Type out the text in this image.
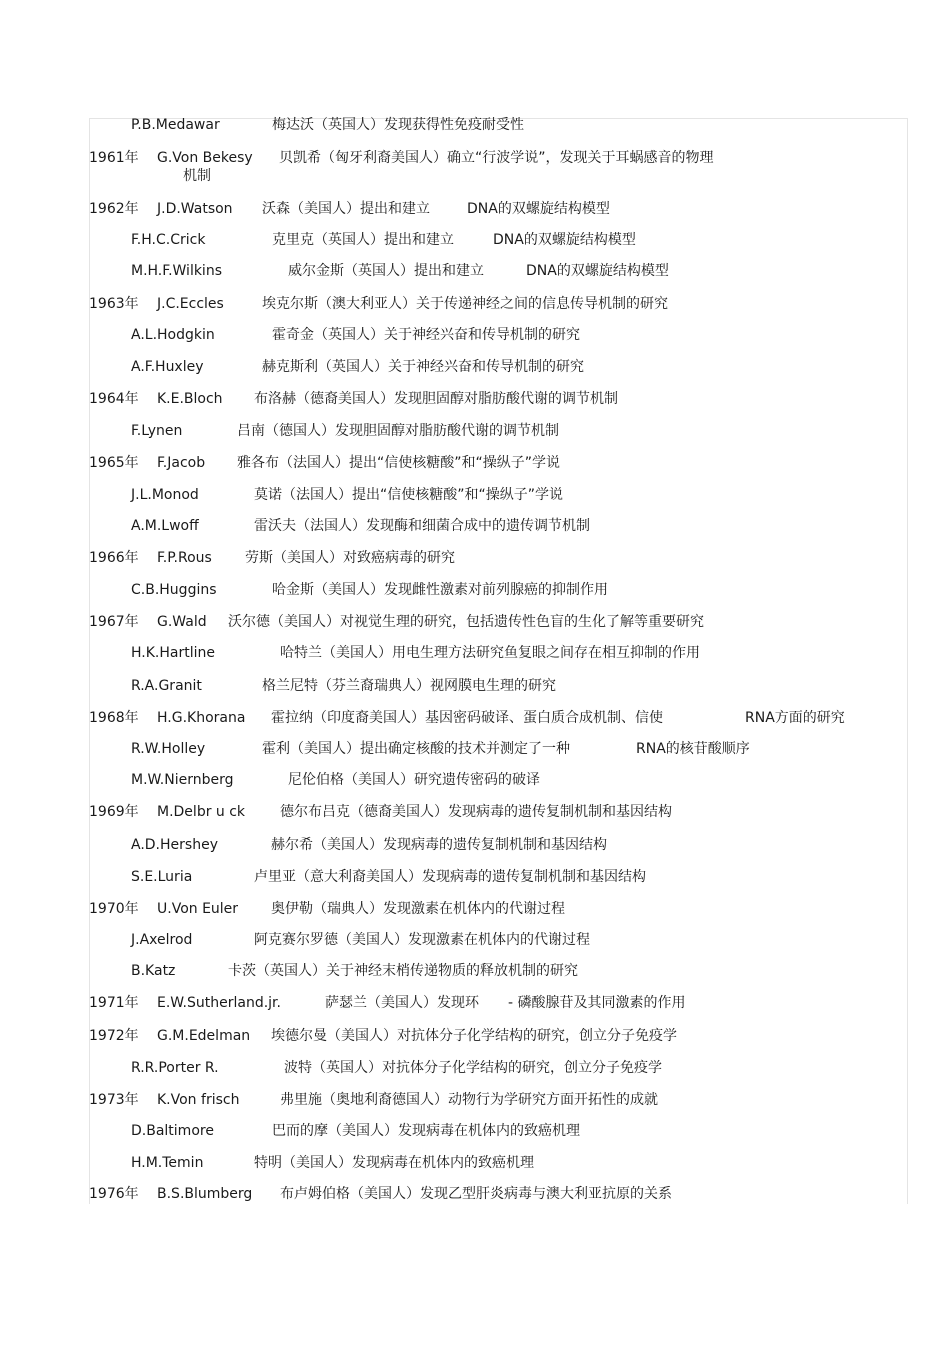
P.B.Medawar	梅达沃（英国人）发现获得性免疫耐受性
1961年 G.Von Bekesy 贝凯希（匈牙利裔美国人）确立“行波学说”，发现关于耳蜗感音的物理
机制
1962年 J.D.Watson 沃森（美国人）提出和建立	DNA的双螺旋结构模型
F.H.C.Crick	克里克（英国人）提出和建立	DNA的双螺旋结构模型
M.H.F.Wilkins	威尔金斯（英国人）提出和建立	DNA的双螺旋结构模型
1963年 J.C.Eccles	埃克尔斯（澳大利亚人）关于传递神经之间的信息传导机制的研究
A.L.Hodgkin	霍奇金（英国人）关于神经兴奋和传导机制的研究
A.F.Huxley	赫克斯利（英国人）关于神经兴奋和传导机制的研究
1964年 K.E.Bloch 布洛赫（德裔美国人）发现胆固醇对脂肪酸代谢的调节机制
F.Lynen	吕南（德国人）发现胆固醇对脂肪酸代谢的调节机制
1965年 F.Jacob 雅各布（法国人）提出“信使核糖酸”和“操纵子”学说
J.L.Monod	莫诺（法国人）提出“信使核糖酸”和“操纵子”学说
A.M.Lwoff	雷沃夫（法国人）发现酶和细菌合成中的遗传调节机制
1966年 F.P.Rous 劳斯（美国人）对致癌病毒的研究
C.B.Huggins	哈金斯（美国人）发现雌性激素对前列腺癌的抑制作用
1967年 G.Wald 沃尔德（美国人）对视觉生理的研究，包括遗传性色盲的生化了解等重要研究
H.K.Hartline	哈特兰（美国人）用电生理方法研究鱼复眼之间存在相互抑制的作用
R.A.Granit	格兰尼特（芬兰裔瑞典人）视网膜电生理的研究
1968年 H.G.Khorana 霍拉纳（印度裔美国人）基因密码破译、蛋白质合成机制、信使	RNA方面的研究
R.W.Holley	霍利（美国人）提出确定核酸的技术并测定了一种	RNA的核苷酸顺序
M.W.Niernberg	尼伦伯格（美国人）研究遗传密码的破译
1969年 M.Delbr u ck 德尔布吕克（德裔美国人）发现病毒的遗传复制机制和基因结构
A.D.Hershey	赫尔希（美国人）发现病毒的遗传复制机制和基因结构
S.E.Luria	卢里亚（意大利裔美国人）发现病毒的遗传复制机制和基因结构
1970年 U.Von Euler 奥伊勒（瑞典人）发现激素在机体内的代谢过程
J.Axelrod	阿克赛尔罗德（美国人）发现激素在机体内的代谢过程
B.Katz	卡茨（英国人）关于神经末梢传递物质的释放机制的研究
1971年 E.W.Sutherland.jr.	萨瑟兰（美国人）发现环 - 磷酸腺苷及其同激素的作用
1972年 G.M.Edelman 埃德尔曼（美国人）对抗体分子化学结构的研究，创立分子免疫学
R.R.Porter R.	波特（英国人）对抗体分子化学结构的研究，创立分子免疫学
1973年 K.Von frisch	弗里施（奥地利裔德国人）动物行为学研究方面开拓性的成就
D.Baltimore	巴而的摩（美国人）发现病毒在机体内的致癌机理
H.M.Temin	特明（美国人）发现病毒在机体内的致癌机理
1976年 B.S.Blumberg 布卢姆伯格（美国人）发现乙型肝炎病毒与澳大利亚抗原的关系
